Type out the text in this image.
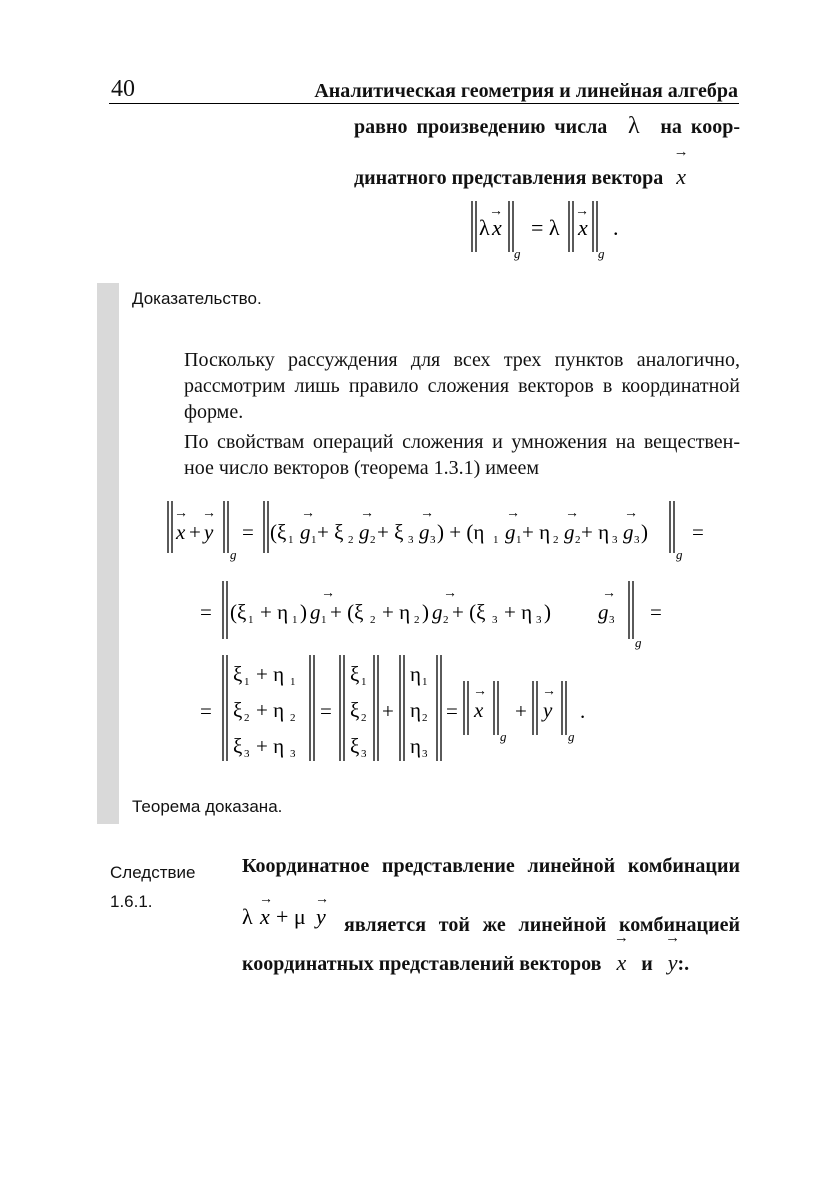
40	Аналитическая геометрия и линейная алгебра
равно произведению числа λ на коор-
динатного представления вектора → x
λ x
→
g
= λ x
→
g
.
Доказательство.
Поскольку рассуждения для всех трех пунктов аналогично, рассмотрим лишь правило сложения векторов в координатной форме.
По свойствам операций сложения и умножения на веществен-ное число векторов (теорема 1.3.1) имеем
x
→
+ y
→
g
= (ξ 1 g
→
1 + ξ 2 g
→
2 + ξ 3 g
→
3 ) + (η 1 g
→
1 + η 2 g
→
2 + η 3 g
→
3 )
g
=
= (ξ 1 + η 1 ) g
→
1 + (ξ 2 + η 2 ) g
→
2 + (ξ 3 + η 3 ) g
→
3
g
=
=
ξ 1 + η 1
ξ 2 + η 2
ξ 3 + η 3
=
ξ 1
ξ 2
ξ 3
+
η 1
η 2
η 3
= x
→
g
+ y
→
g
.
Теорема доказана.
Следствие
1.6.1.
Координатное представление линейной комбинации
λ x
→
+ μ y
→
является той же линейной комбинацией
координатных представлений векторов → x и → y:.
